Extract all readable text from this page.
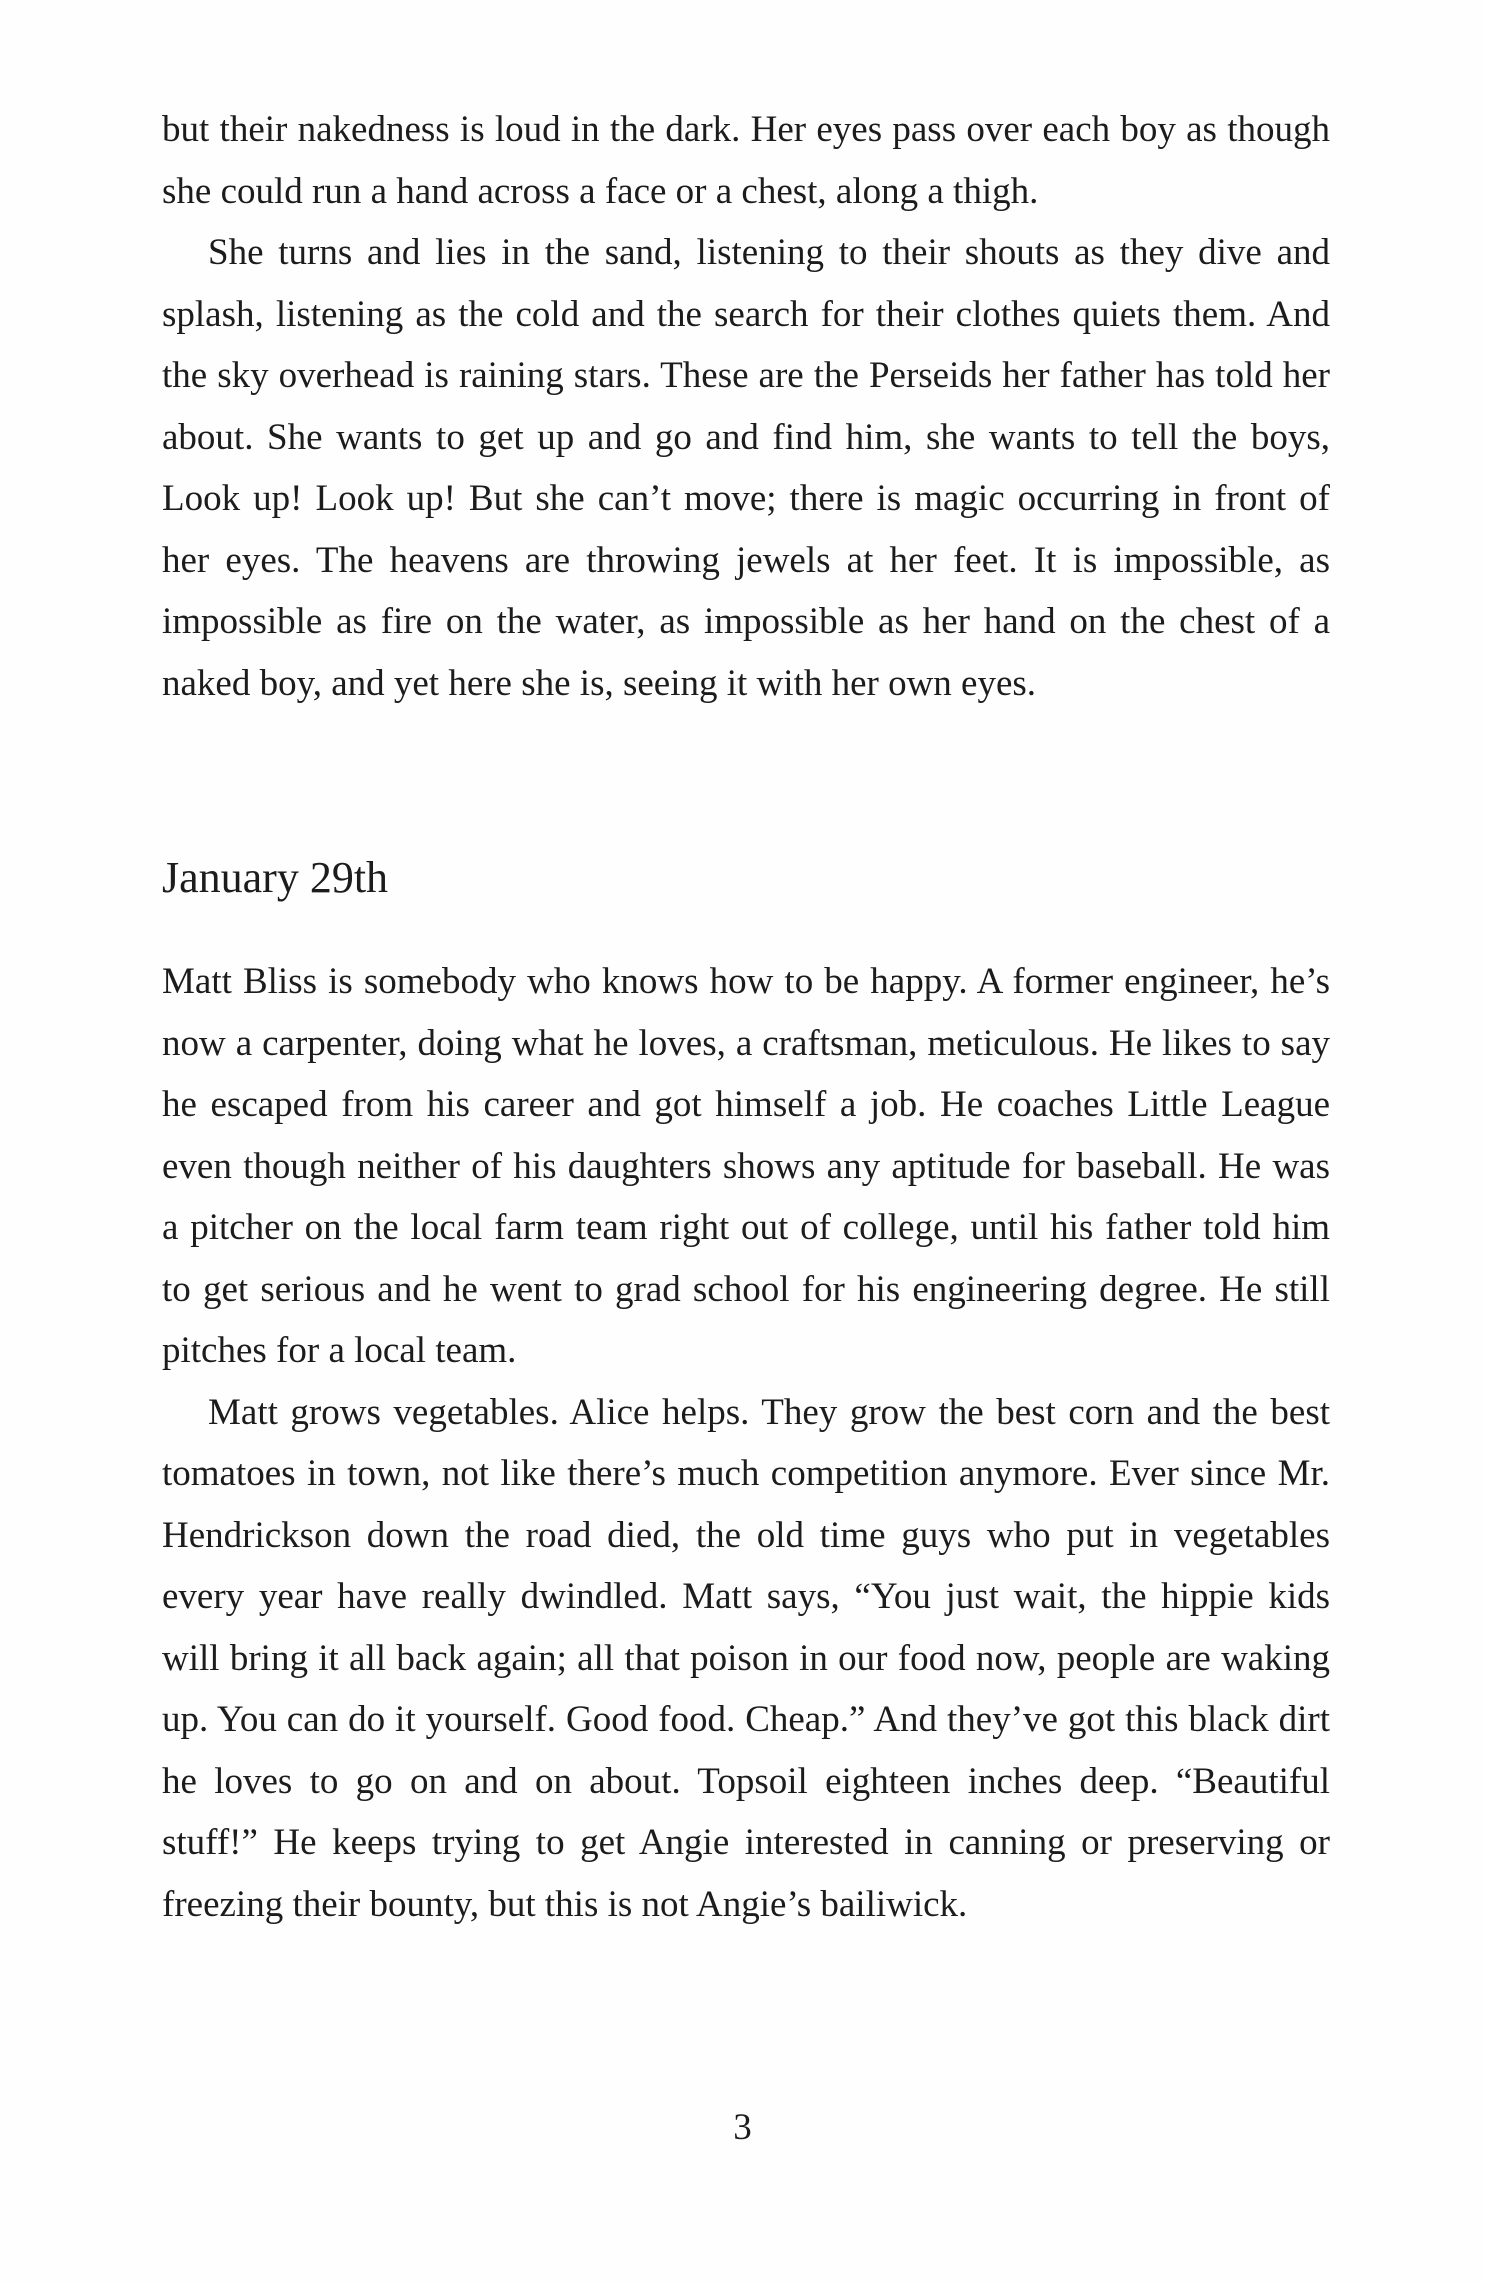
but their nakedness is loud in the dark. Her eyes pass over each boy as though she could run a hand across a face or a chest, along a thigh.

She turns and lies in the sand, listening to their shouts as they dive and splash, listening as the cold and the search for their clothes quiets them. And the sky overhead is raining stars. These are the Perseids her father has told her about. She wants to get up and go and find him, she wants to tell the boys, Look up! Look up! But she can’t move; there is magic occurring in front of her eyes. The heavens are throwing jewels at her feet. It is impossible, as impossible as fire on the water, as impossible as her hand on the chest of a naked boy, and yet here she is, seeing it with her own eyes.

January 29th

Matt Bliss is somebody who knows how to be happy. A former engineer, he’s now a carpenter, doing what he loves, a craftsman, meticulous. He likes to say he escaped from his career and got himself a job. He coaches Little League even though neither of his daughters shows any aptitude for baseball. He was a pitcher on the local farm team right out of college, until his father told him to get serious and he went to grad school for his engineering degree. He still pitches for a local team.

Matt grows vegetables. Alice helps. They grow the best corn and the best tomatoes in town, not like there’s much competition anymore. Ever since Mr. Hendrickson down the road died, the old time guys who put in vegetables every year have really dwindled. Matt says, “You just wait, the hippie kids will bring it all back again; all that poison in our food now, people are waking up. You can do it yourself. Good food. Cheap.” And they’ve got this black dirt he loves to go on and on about. Topsoil eighteen inches deep. “Beautiful stuff!” He keeps trying to get Angie interested in canning or preserving or freezing their bounty, but this is not Angie’s bailiwick.

3
